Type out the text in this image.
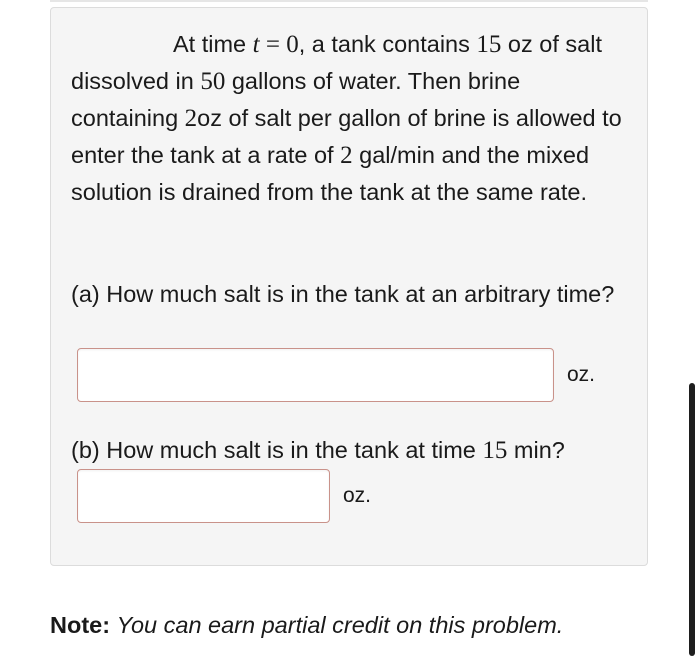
At time t = 0, a tank contains 15 oz of salt dissolved in 50 gallons of water. Then brine containing 2oz of salt per gallon of brine is allowed to enter the tank at a rate of 2 gal/min and the mixed solution is drained from the tank at the same rate.

(a) How much salt is in the tank at an arbitrary time?

oz.

(b) How much salt is in the tank at time 15 min?

oz.

Note: You can earn partial credit on this problem.
